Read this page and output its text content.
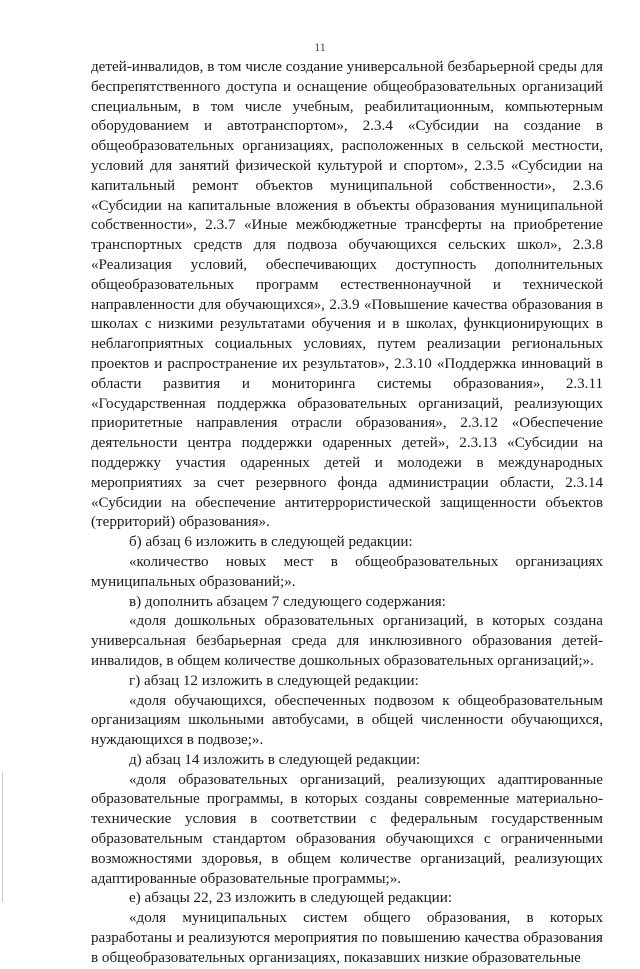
11

детей-инвалидов, в том числе создание универсальной безбарьерной среды для беспрепятственного доступа и оснащение общеобразовательных организаций специальным, в том числе учебным, реабилитационным, компьютерным оборудованием и автотранспортом», 2.3.4 «Субсидии на создание в общеобразовательных организациях, расположенных в сельской местности, условий для занятий физической культурой и спортом», 2.3.5 «Субсидии на капитальный ремонт объектов муниципальной собственности», 2.3.6 «Субсидии на капитальные вложения в объекты образования муниципальной собственности», 2.3.7 «Иные межбюджетные трансферты на приобретение транспортных средств для подвоза обучающихся сельских школ», 2.3.8 «Реализация условий, обеспечивающих доступность дополнительных общеобразовательных программ естественнонаучной и технической направленности для обучающихся», 2.3.9 «Повышение качества образования в школах с низкими результатами обучения и в школах, функционирующих в неблагоприятных социальных условиях, путем реализации региональных проектов и распространение их результатов», 2.3.10 «Поддержка инноваций в области развития и мониторинга системы образования», 2.3.11 «Государственная поддержка образовательных организаций, реализующих приоритетные направления отрасли образования», 2.3.12 «Обеспечение деятельности центра поддержки одаренных детей», 2.3.13 «Субсидии на поддержку участия одаренных детей и молодежи в международных мероприятиях за счет резервного фонда администрации области, 2.3.14 «Субсидии на обеспечение антитеррористической защищенности объектов (территорий) образования».

б) абзац 6 изложить в следующей редакции:

«количество новых мест в общеобразовательных организациях муниципальных образований;».

в) дополнить абзацем 7 следующего содержания:

«доля дошкольных образовательных организаций, в которых создана универсальная безбарьерная среда для инклюзивного образования детей-инвалидов, в общем количестве дошкольных образовательных организаций;».

г) абзац 12 изложить в следующей редакции:

«доля обучающихся, обеспеченных подвозом к общеобразовательным организациям школьными автобусами, в общей численности обучающихся, нуждающихся в подвозе;».

д) абзац 14 изложить в следующей редакции:

«доля образовательных организаций, реализующих адаптированные образовательные программы, в которых созданы современные материально-технические условия в соответствии с федеральным государственным образовательным стандартом образования обучающихся с ограниченными возможностями здоровья, в общем количестве организаций, реализующих адаптированные образовательные программы;».

е) абзацы 22, 23 изложить в следующей редакции:

«доля муниципальных систем общего образования, в которых разработаны и реализуются мероприятия по повышению качества образования в общеобразовательных организациях, показавших низкие образовательные
